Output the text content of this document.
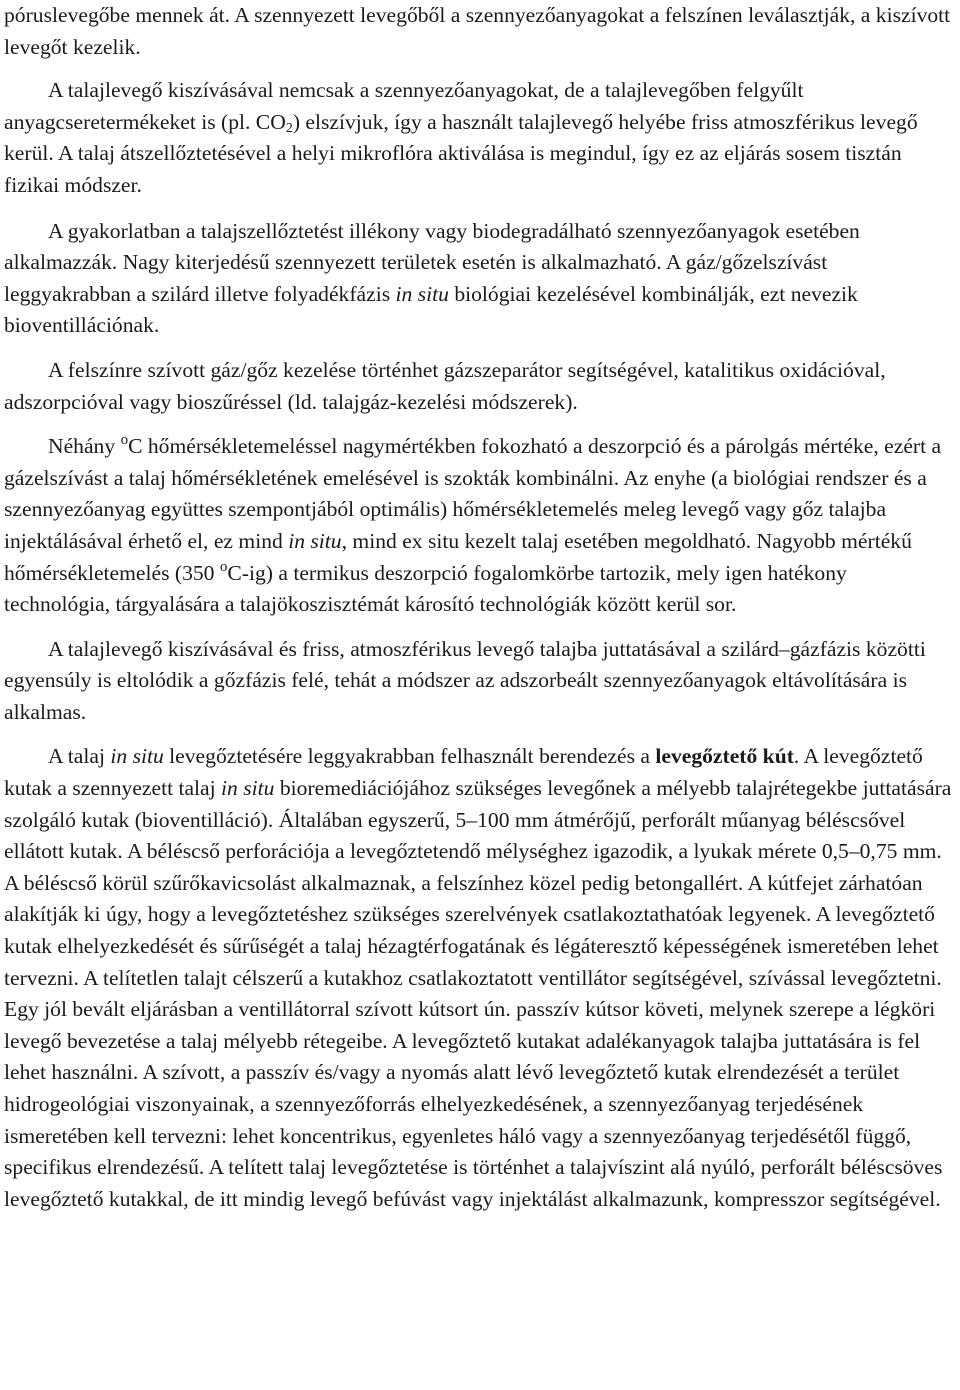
póruslevegőbe mennek át. A szennyezett levegőből a szennyezőanyagokat a felszínen leválasztják, a kiszívott levegőt kezelik.

A talajlevegő kiszívásával nemcsak a szennyezőanyagokat, de a talajlevegőben felgyűlt anyagcseretermékeket is (pl. $CO_2$) elszívjuk, így a használt talajlevegő helyébe friss atmoszférikus levegő kerül. A talaj átszellőztetésével a helyi mikroflóra aktiválása is megindul, így ez az eljárás sosem tisztán fizikai módszer.

A gyakorlatban a talajszellőztetést illékony vagy biodegradálható szennyezőanyagok esetében alkalmazzák. Nagy kiterjedésű szennyezett területek esetén is alkalmazható. A gáz/gőzelszívást leggyakrabban a szilárd illetve folyadékfázis in situ biológiai kezelésével kombinálják, ezt nevezik bioventillációnak.

A felszínre szívott gáz/gőz kezelése történhet gázszeparátor segítségével, katalitikus oxidációval, adszorpcióval vagy bioszűréssel (ld. talajgáz-kezelési módszerek).

Néhány $^o$C hőmérsékletemeléssel nagymértékben fokozható a deszorpció és a párolgás mértéke, ezért a gázelszívást a talaj hőmérsékletének emelésével is szokták kombinálni. Az enyhe (a biológiai rendszer és a szennyezőanyag együttes szempontjából optimális) hőmérsékletemelés meleg levegő vagy gőz talajba injektálásával érhető el, ez mind in situ, mind ex situ kezelt talaj esetében megoldható. Nagyobb mértékű hőmérsékletemelés (350 $^o$C-ig) a termikus deszorpció fogalomkörbe tartozik, mely igen hatékony technológia, tárgyalására a talajökoszisztémát károsító technológiák között kerül sor.

A talajlevegő kiszívásával és friss, atmoszférikus levegő talajba juttatásával a szilárd–gázfázis közötti egyensúly is eltolódik a gőzfázis felé, tehát a módszer az adszorbeált szennyezőanyagok eltávolítására is alkalmas.

A talaj in situ levegőztetésére leggyakrabban felhasznált berendezés a levegőztető kút. A levegőztető kutak a szennyezett talaj in situ bioremediációjához szükséges levegőnek a mélyebb talajrétegekbe juttatására szolgáló kutak (bioventilláció). Általában egyszerű, 5–100 mm átmérőjű, perforált műanyag béléscsővel ellátott kutak. A béléscső perforációja a levegőztetendő mélységhez igazodik, a lyukak mérete 0,5–0,75 mm. A béléscső körül szűrőkavicsolást alkalmaznak, a felszínhez közel pedig betongallért. A kútfejet zárhatóan alakítják ki úgy, hogy a levegőztetéshez szükséges szerelvények csatlakoztathatóak legyenek. A levegőztető kutak elhelyezkedését és sűrűségét a talaj hézagtérfogatának és légáteresztő képességének ismeretében lehet tervezni. A telítetlen talajt célszerű a kutakhoz csatlakoztatott ventillátor segítségével, szívással levegőztetni. Egy jól bevált eljárásban a ventillátorral szívott kútsort ún. passzív kútsor követi, melynek szerepe a légköri levegő bevezetése a talaj mélyebb rétegeibe. A levegőztető kutakat adalékanyagok talajba juttatására is fel lehet használni. A szívott, a passzív és/vagy a nyomás alatt lévő levegőztető kutak elrendezését a terület hidrogeológiai viszonyainak, a szennyezőforrás elhelyezkedésének, a szennyezőanyag terjedésének ismeretében kell tervezni: lehet koncentrikus, egyenletes háló vagy a szennyezőanyag terjedésétől függő, specifikus elrendezésű. A telített talaj levegőztetése is történhet a talajvíszint alá nyúló, perforált béléscsöves levegőztető kutakkal, de itt mindig levegő befúvást vagy injektálást alkalmazunk, kompresszor segítségével.
